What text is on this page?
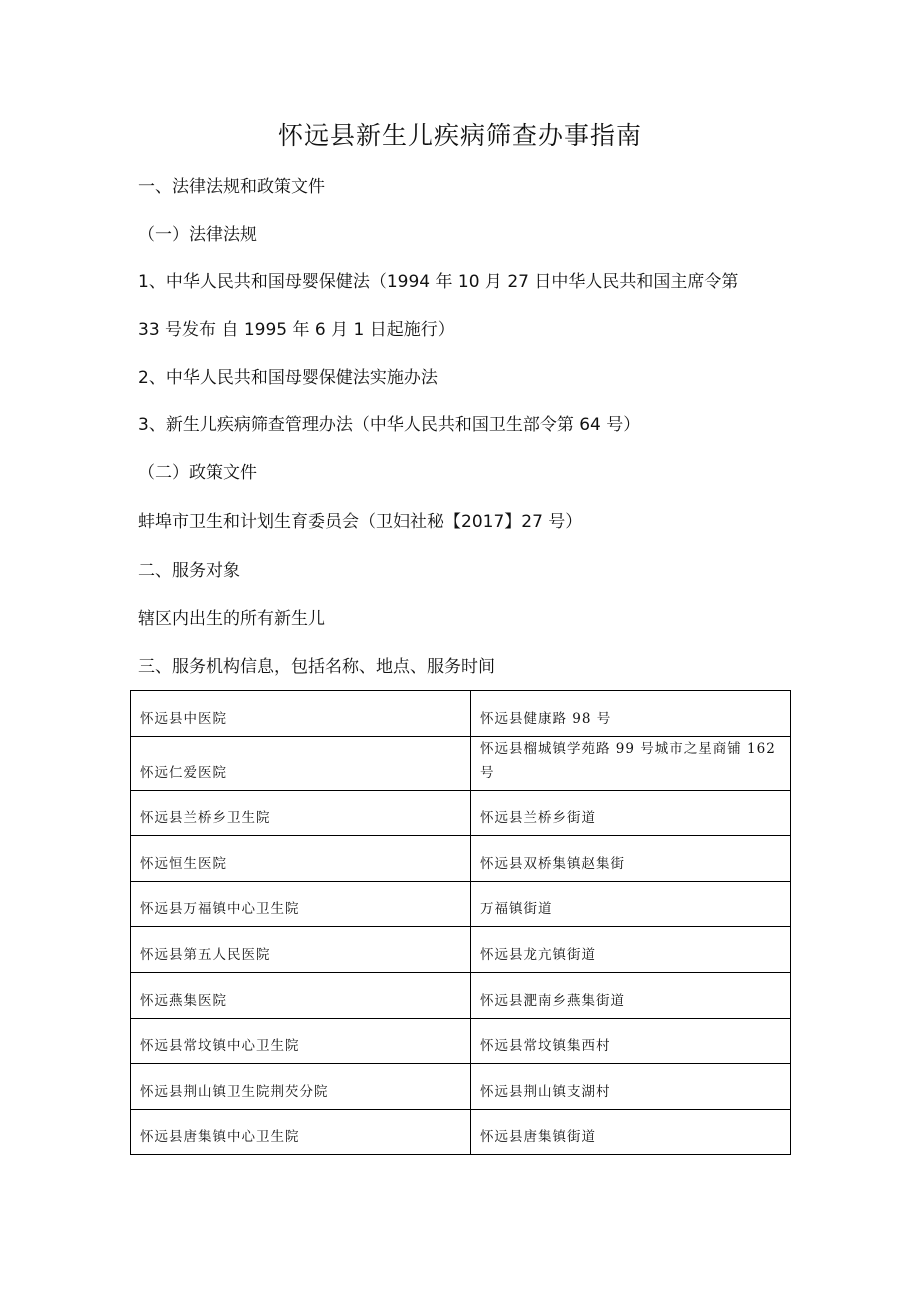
怀远县新生儿疾病筛查办事指南
一、法律法规和政策文件
（一）法律法规
1、中华人民共和国母婴保健法（1994 年 10 月 27 日中华人民共和国主席令第
33 号发布 自 1995 年 6 月 1 日起施行）
2、中华人民共和国母婴保健法实施办法
3、新生儿疾病筛查管理办法（中华人民共和国卫生部令第 64 号）
（二）政策文件
蚌埠市卫生和计划生育委员会（卫妇社秘【2017】27 号）
二、服务对象
辖区内出生的所有新生儿
三、服务机构信息，包括名称、地点、服务时间
怀远县中医院	怀远县健康路 98 号
怀远仁爱医院	怀远县榴城镇学苑路 99 号城市之星商铺 162 号
怀远县兰桥乡卫生院	怀远县兰桥乡街道
怀远恒生医院	怀远县双桥集镇赵集街
怀远县万福镇中心卫生院	万福镇街道
怀远县第五人民医院	怀远县龙亢镇街道
怀远燕集医院	怀远县淝南乡燕集街道
怀远县常坟镇中心卫生院	怀远县常坟镇集西村
怀远县荆山镇卫生院荆芡分院	怀远县荆山镇支湖村
怀远县唐集镇中心卫生院	怀远县唐集镇街道
